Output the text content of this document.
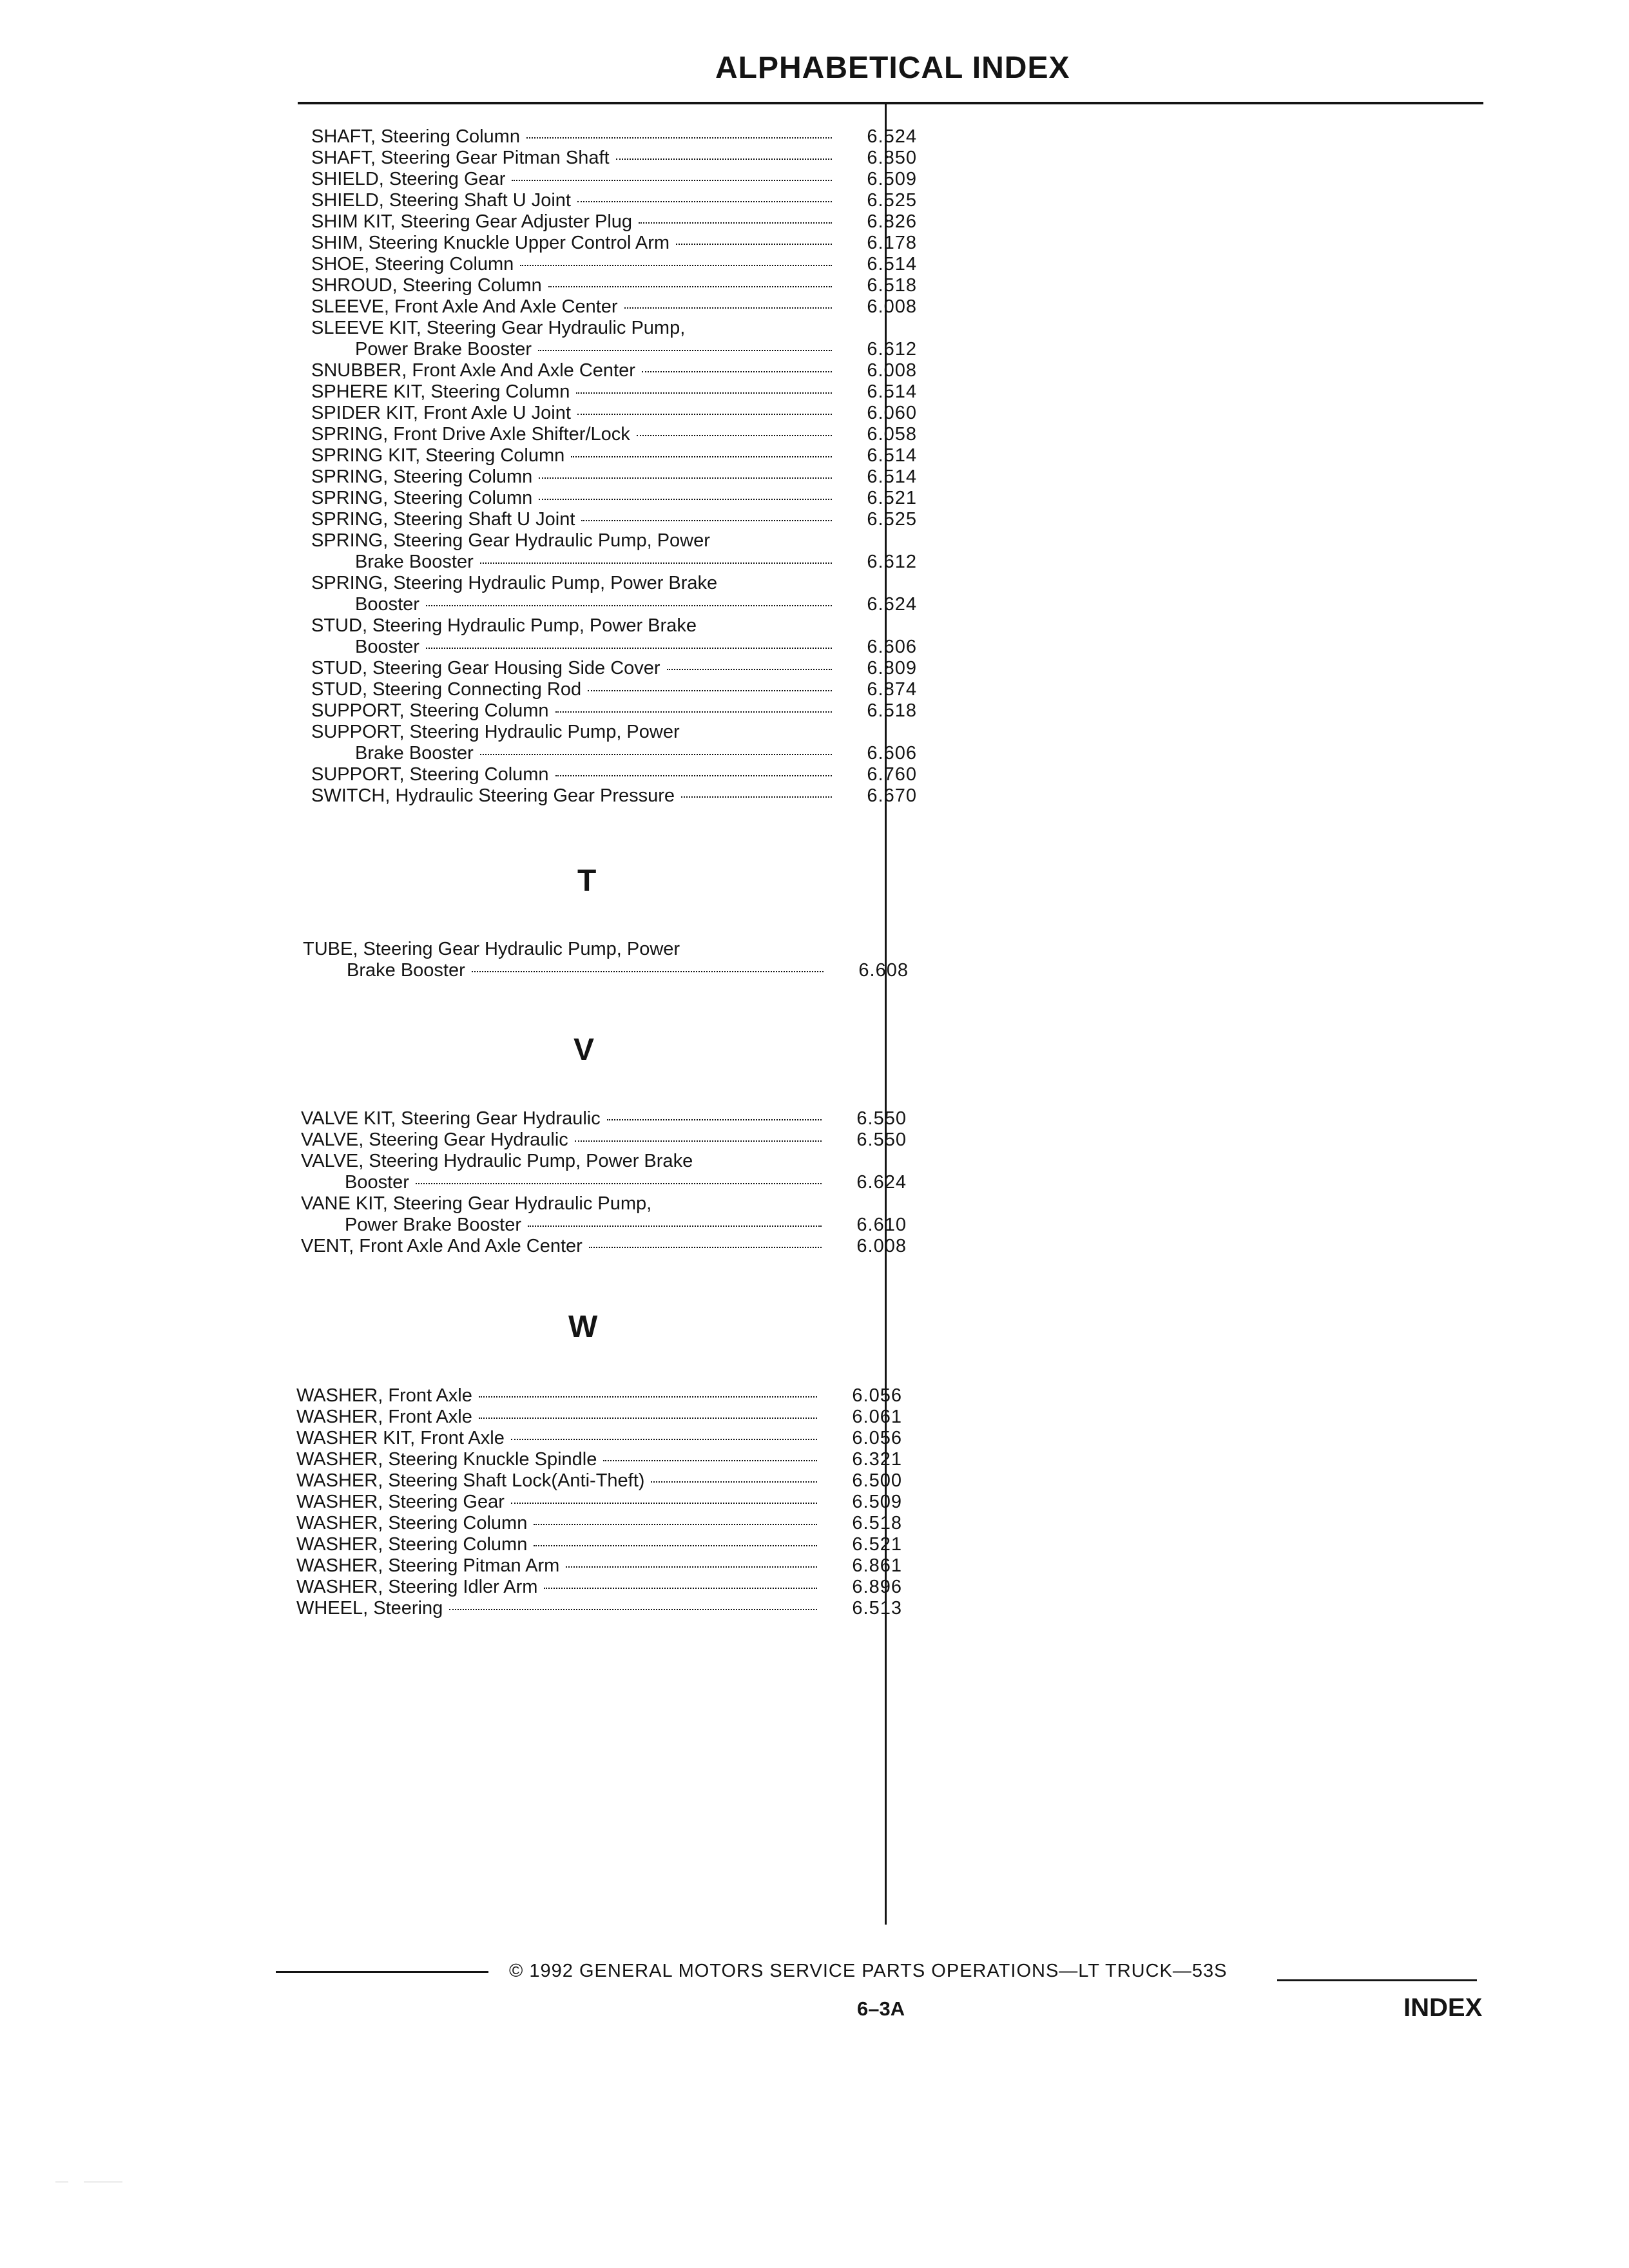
ALPHABETICAL INDEX
SHAFT, Steering Column	6.524
SHAFT, Steering Gear Pitman Shaft	6.850
SHIELD, Steering Gear	6.509
SHIELD, Steering Shaft U Joint	6.525
SHIM KIT, Steering Gear Adjuster Plug	6.826
SHIM, Steering Knuckle Upper Control Arm	6.178
SHOE, Steering Column	6.514
SHROUD, Steering Column	6.518
SLEEVE, Front Axle And Axle Center	6.008
SLEEVE KIT, Steering Gear Hydraulic Pump,
Power Brake Booster	6.612
SNUBBER, Front Axle And Axle Center	6.008
SPHERE KIT, Steering Column	6.514
SPIDER KIT, Front Axle U Joint	6.060
SPRING, Front Drive Axle Shifter/Lock	6.058
SPRING KIT, Steering Column	6.514
SPRING, Steering Column	6.514
SPRING, Steering Column	6.521
SPRING, Steering Shaft U Joint	6.525
SPRING, Steering Gear Hydraulic Pump, Power
Brake Booster	6.612
SPRING, Steering Hydraulic Pump, Power Brake
Booster	6.624
STUD, Steering Hydraulic Pump, Power Brake
Booster	6.606
STUD, Steering Gear Housing Side Cover	6.809
STUD, Steering Connecting Rod	6.874
SUPPORT, Steering Column	6.518
SUPPORT, Steering Hydraulic Pump, Power
Brake Booster	6.606
SUPPORT, Steering Column	6.760
SWITCH, Hydraulic Steering Gear Pressure	6.670
T
TUBE, Steering Gear Hydraulic Pump, Power
Brake Booster	6.608
V
VALVE KIT, Steering Gear Hydraulic	6.550
VALVE, Steering Gear Hydraulic	6.550
VALVE, Steering Hydraulic Pump, Power Brake
Booster	6.624
VANE KIT, Steering Gear Hydraulic Pump,
Power Brake Booster	6.610
VENT, Front Axle And Axle Center	6.008
W
WASHER, Front Axle	6.056
WASHER, Front Axle	6.061
WASHER KIT, Front Axle	6.056
WASHER, Steering Knuckle Spindle	6.321
WASHER, Steering Shaft Lock(Anti-Theft)	6.500
WASHER, Steering Gear	6.509
WASHER, Steering Column	6.518
WASHER, Steering Column	6.521
WASHER, Steering Pitman Arm	6.861
WASHER, Steering Idler Arm	6.896
WHEEL, Steering	6.513
© 1992 GENERAL MOTORS SERVICE PARTS OPERATIONS—LT TRUCK—53S
6–3A	INDEX
